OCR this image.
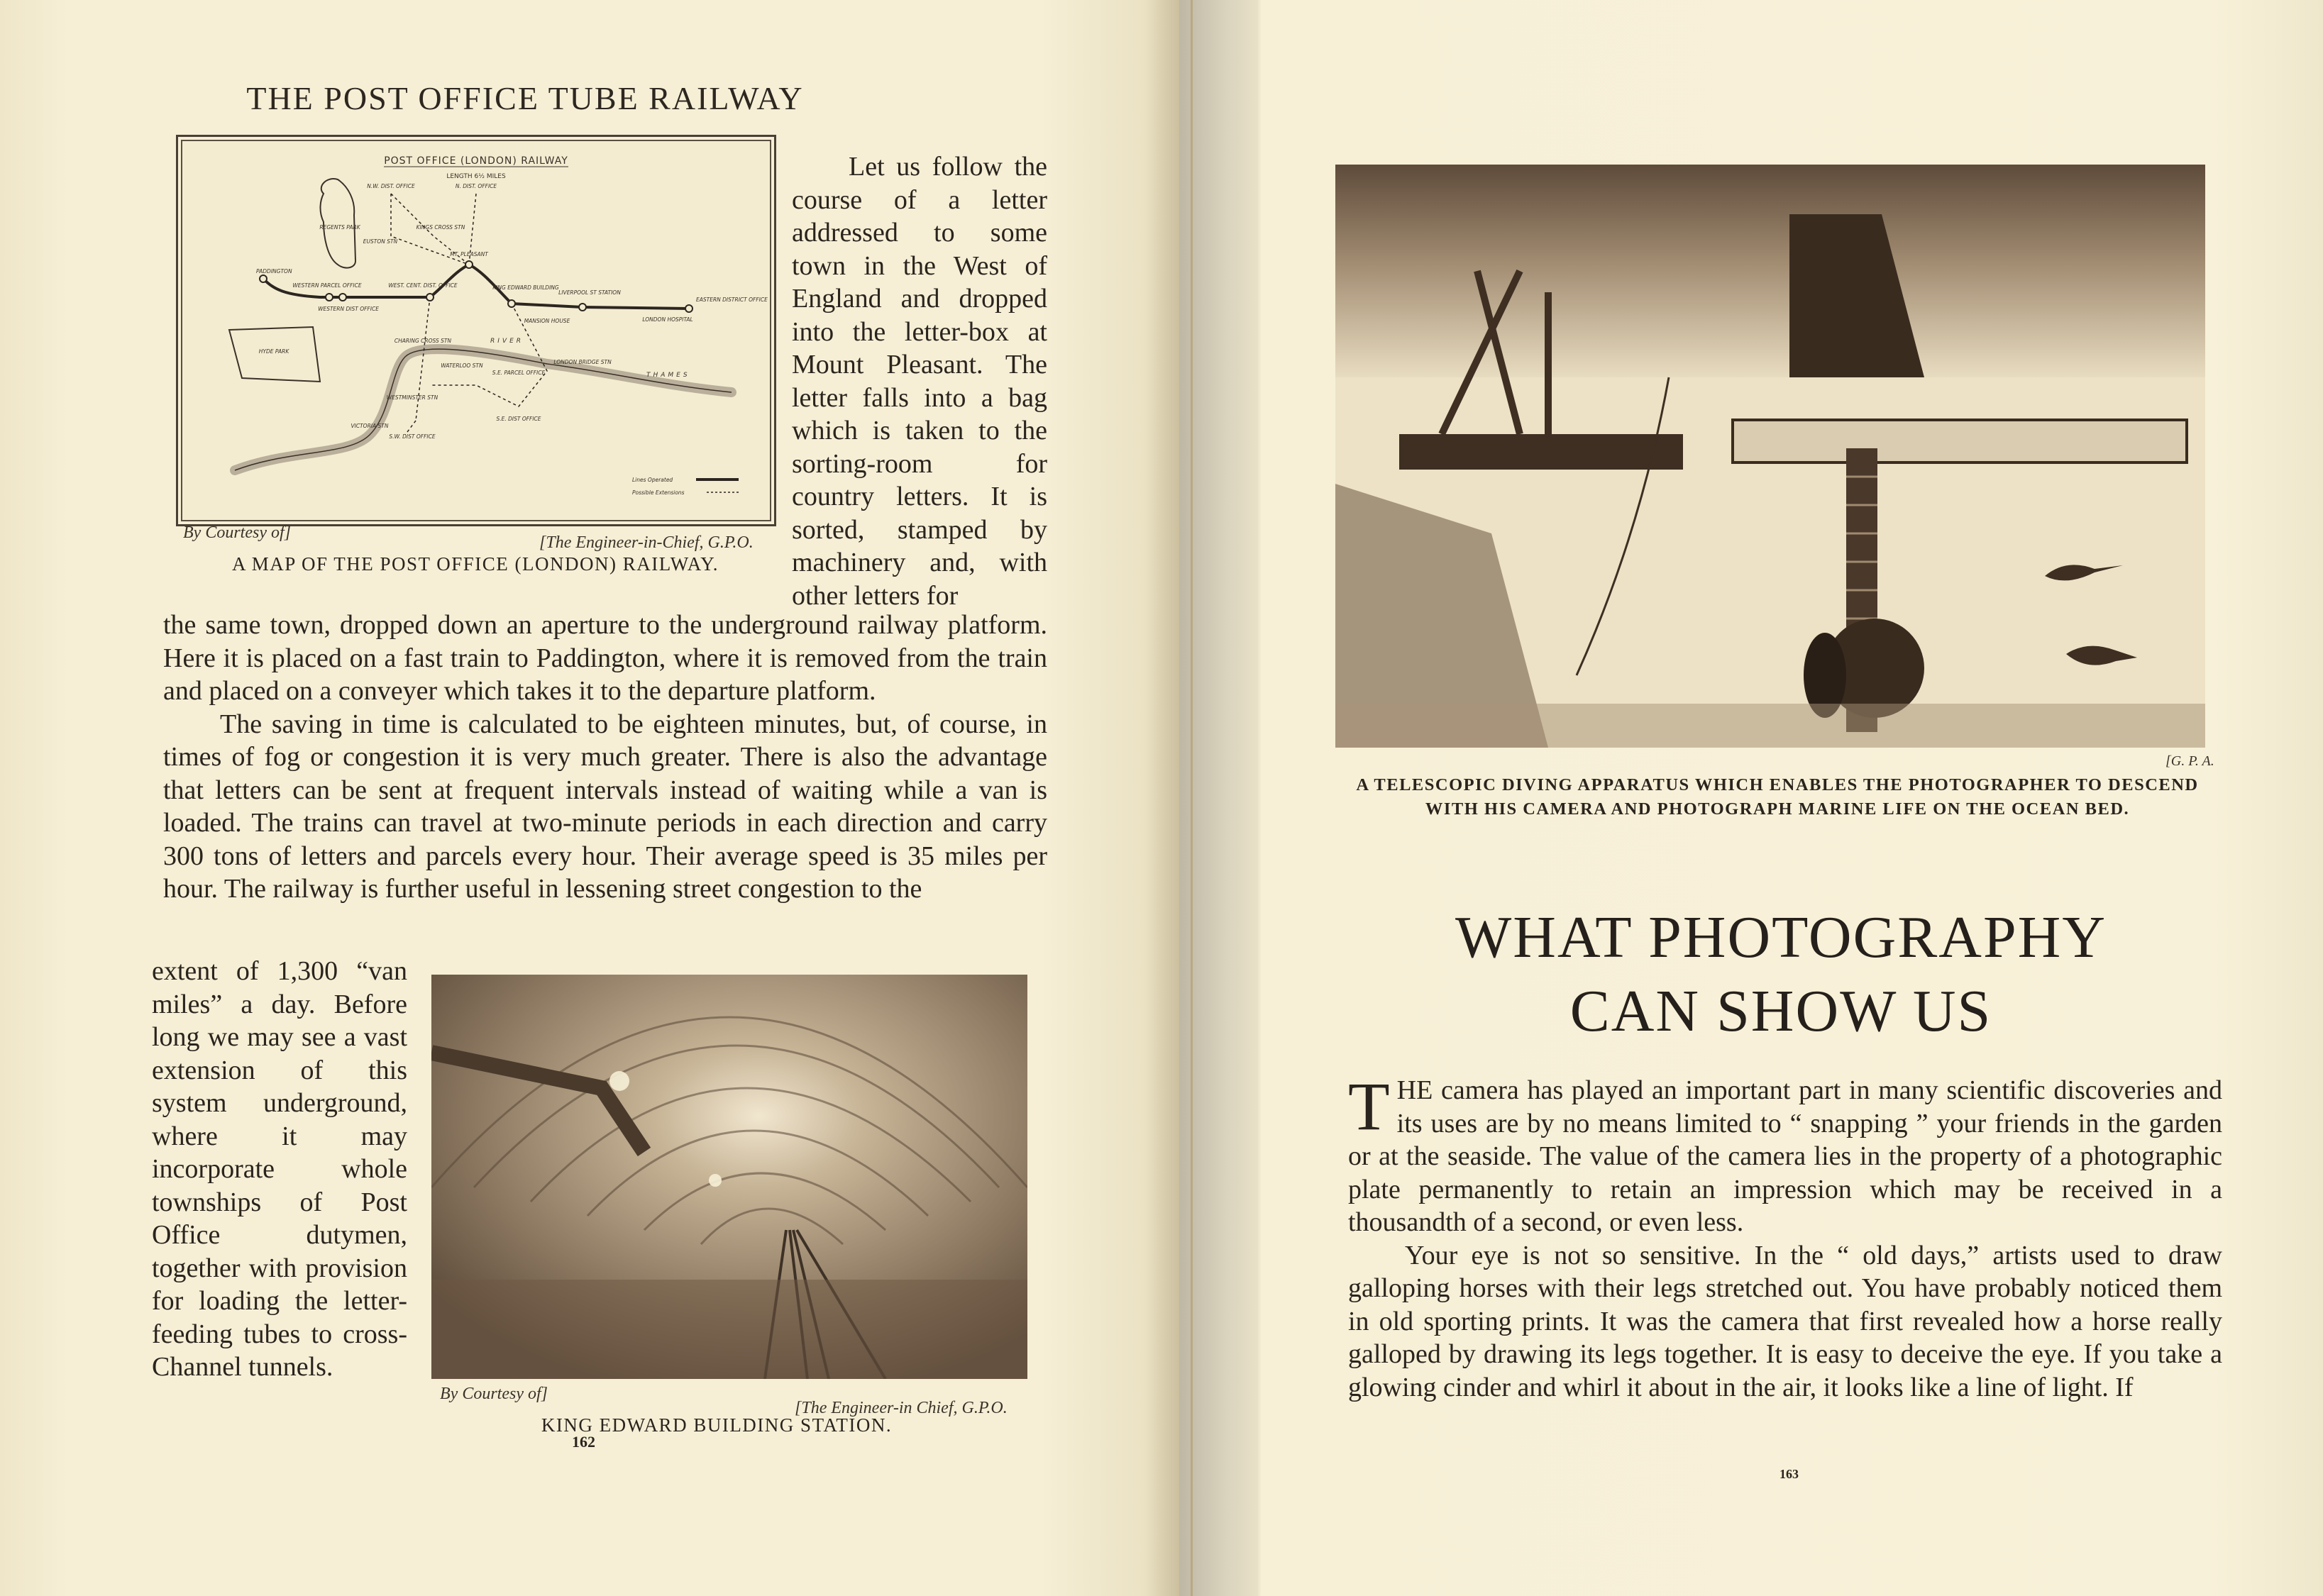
THE POST OFFICE TUBE RAILWAY
POST OFFICE (LONDON) RAILWAY
LENGTH 6½ MILES
REGENTS PARK
HYDE PARK
RIVER
THAMES
N.W. DIST. OFFICE	N. DIST. OFFICE
KINGS CROSS STN
EUSTON STN
MT. PLEASANT
PADDINGTON
WESTERN PARCEL OFFICE
WESTERN DIST OFFICE
WEST. CENT. DIST. OFFICE	KING EDWARD BUILDING
LIVERPOOL ST STATION
EASTERN DISTRICT OFFICE
MANSION HOUSE	LONDON HOSPITAL
CHARING CROSS STN
WATERLOO STN
S.E. PARCEL OFFICE
LONDON BRIDGE STN
WESTMINSTER STN
VICTORIA STN
S.W. DIST OFFICE
S.E. DIST OFFICE
Lines Operated
Possible Extensions
By Courtesy of]
[The Engineer-in-Chief, G.P.O.
A MAP OF THE POST OFFICE (LONDON) RAILWAY.

Let us follow the course of a letter addressed to some town in the West of England and dropped into the letter-box at Mount Pleasant. The letter falls into a bag which is taken to the sorting-room for country letters. It is sorted, stamped by machinery and, with other letters for

the same town, dropped down an aperture to the underground railway platform. Here it is placed on a fast train to Paddington, where it is removed from the train and placed on a conveyer which takes it to the departure platform.

The saving in time is calculated to be eighteen minutes, but, of course, in times of fog or congestion it is very much greater. There is also the advantage that letters can be sent at frequent intervals instead of waiting while a van is loaded. The trains can travel at two-minute periods in each direction and carry 300 tons of letters and parcels every hour. Their average speed is 35 miles per hour. The railway is further useful in lessening street congestion to the

extent of 1,300 “van miles” a day. Before long we may see a vast extension of this system underground, where it may incorporate whole townships of Post Office dutymen, together with provision for loading the letter-feeding tubes to cross-Channel tunnels.

By Courtesy of]
[The Engineer-in Chief, G.P.O.
KING EDWARD BUILDING STATION.
162
[G. P. A.
A TELESCOPIC DIVING APPARATUS WHICH ENABLES THE PHOTOGRAPHER TO DESCEND
WITH HIS CAMERA AND PHOTOGRAPH MARINE LIFE ON THE OCEAN BED.
WHAT PHOTOGRAPHY
CAN SHOW US

THE camera has played an important part in many scientific discoveries and its uses are by no means limited to “ snapping ” your friends in the garden or at the seaside. The value of the camera lies in the property of a photographic plate permanently to retain an impression which may be received in a thousandth of a second, or even less.

Your eye is not so sensitive. In the “ old days,” artists used to draw galloping horses with their legs stretched out. You have probably noticed them in old sporting prints. It was the camera that first revealed how a horse really galloped by drawing its legs together. It is easy to deceive the eye. If you take a glowing cinder and whirl it about in the air, it looks like a line of light. If

163
